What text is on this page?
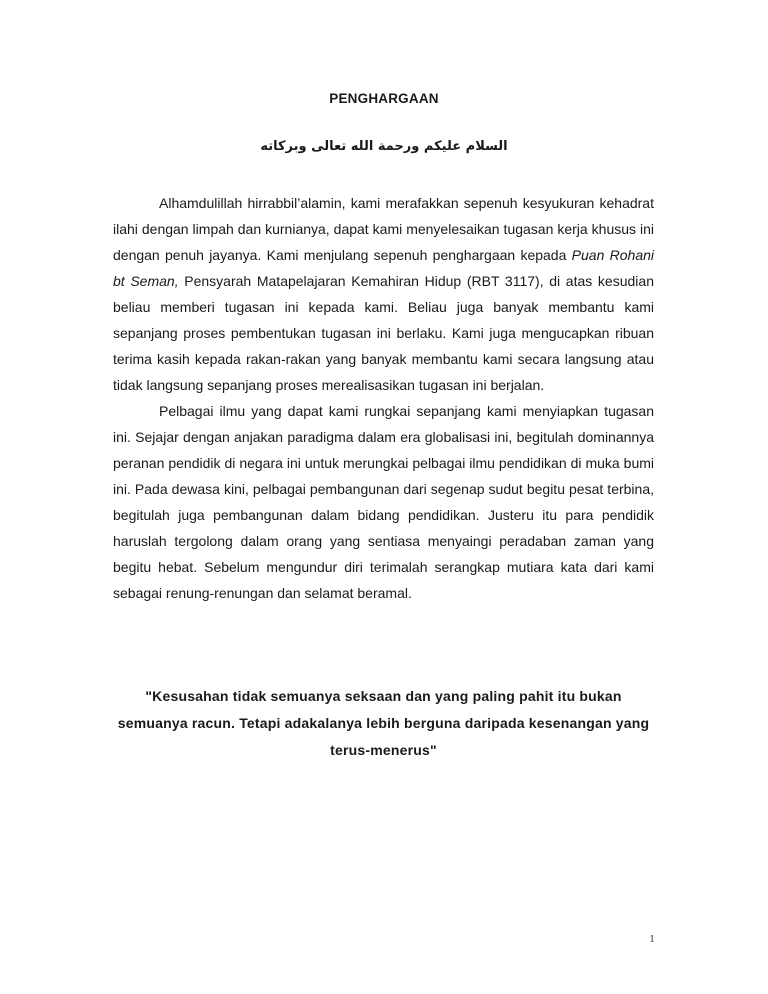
PENGHARGAAN
السلام عليكم ورحمة الله تعالى وبركاته

Alhamdulillah hirrabbil’alamin, kami merafakkan sepenuh kesyukuran kehadrat ilahi dengan limpah dan kurnianya, dapat kami menyelesaikan tugasan kerja khusus ini dengan penuh jayanya. Kami menjulang sepenuh penghargaan kepada Puan Rohani bt Seman, Pensyarah Matapelajaran Kemahiran Hidup (RBT 3117), di atas kesudian beliau memberi tugasan ini kepada kami. Beliau juga banyak membantu kami sepanjang proses pembentukan tugasan ini berlaku. Kami juga mengucapkan ribuan terima kasih kepada rakan-rakan yang banyak membantu kami secara langsung atau tidak langsung sepanjang proses merealisasikan tugasan ini berjalan.

Pelbagai ilmu yang dapat kami rungkai sepanjang kami menyiapkan tugasan ini. Sejajar dengan anjakan paradigma dalam era globalisasi ini, begitulah dominannya peranan pendidik di negara ini untuk merungkai pelbagai ilmu pendidikan di muka bumi ini. Pada dewasa kini, pelbagai pembangunan dari segenap sudut begitu pesat terbina, begitulah juga pembangunan dalam bidang pendidikan. Justeru itu para pendidik haruslah tergolong dalam orang yang sentiasa menyaingi peradaban zaman yang begitu hebat. Sebelum mengundur diri terimalah serangkap mutiara kata dari kami sebagai renung-renungan dan selamat beramal.

"Kesusahan tidak semuanya seksaan dan yang paling pahit itu bukan semuanya racun. Tetapi adakalanya lebih berguna daripada kesenangan yang terus-menerus"
1
